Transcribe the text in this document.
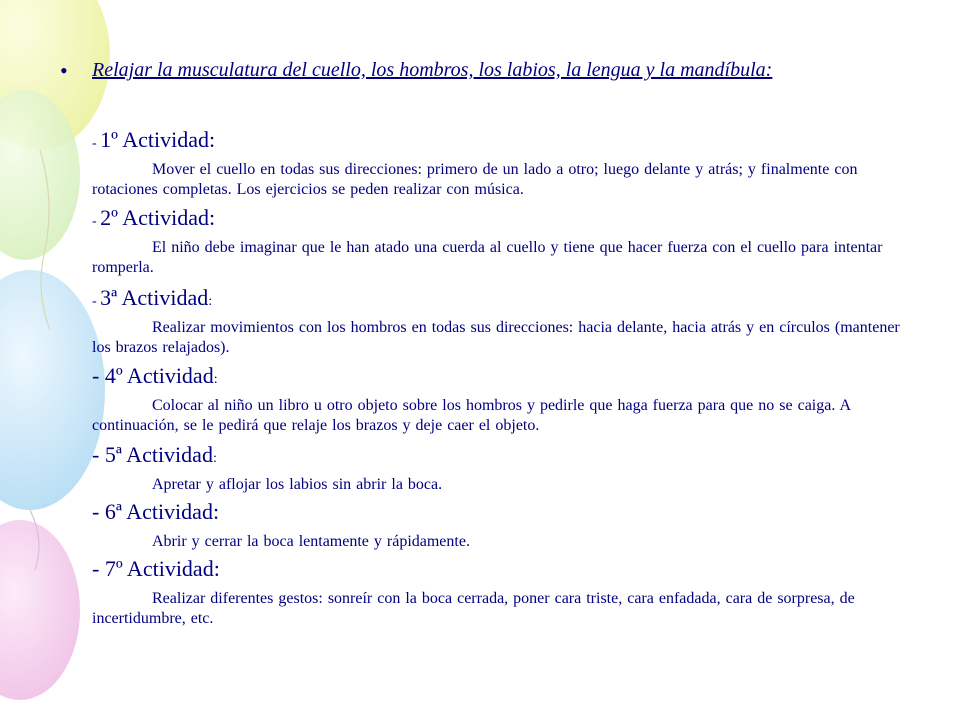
• Relajar la musculatura del cuello, los hombros, los labios, la lengua y la mandíbula:
- 1º Actividad:
Mover el cuello en todas sus direcciones: primero de un lado a otro; luego delante y atrás; y finalmente con rotaciones completas. Los ejercicios se peden realizar con música.
- 2º Actividad:
El niño debe imaginar que le han atado una cuerda al cuello y tiene que hacer fuerza con el cuello para intentar romperla.
- 3ª Actividad:
Realizar movimientos con los hombros en todas sus direcciones: hacia delante, hacia atrás y en círculos (mantener los brazos relajados).
- 4º Actividad:
Colocar al niño un libro u otro objeto sobre los hombros y pedirle que haga fuerza para que no se caiga. A continuación, se le pedirá que relaje los brazos y deje caer el objeto.
- 5ª Actividad:
Apretar y aflojar los labios sin abrir la boca.
- 6ª Actividad:
Abrir y cerrar la boca lentamente y rápidamente.
- 7º Actividad:
Realizar diferentes gestos: sonreír con la boca cerrada, poner cara triste, cara enfadada, cara de sorpresa, de incertidumbre, etc.
